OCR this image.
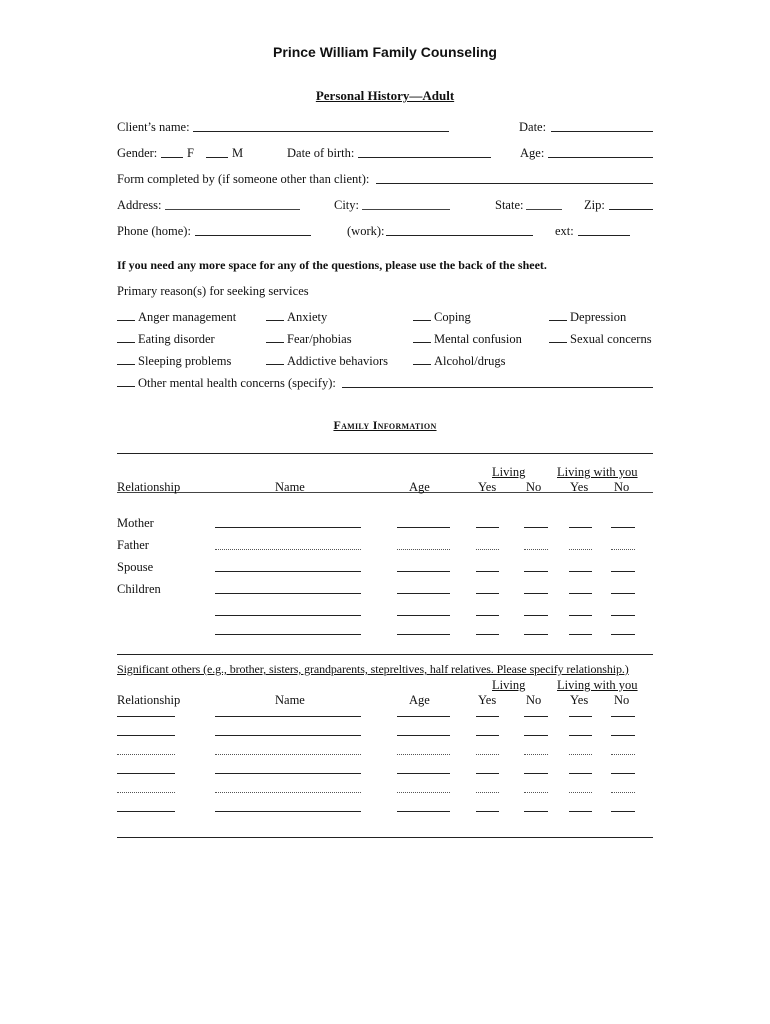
Prince William Family Counseling
Personal History—Adult
Client’s name:	Date:
Gender: F	M	Date of birth:	Age:
Form completed by (if someone other than client):
Address:	City:	State:	Zip:
Phone (home):	(work):	ext:
If you need any more space for any of the questions, please use the back of the sheet.
Primary reason(s) for seeking services
Anger management	Anxiety	Coping	Depression
Eating disorder	Fear/phobias	Mental confusion	Sexual concerns
Sleeping problems	Addictive behaviors	Alcohol/drugs
Other mental health concerns (specify):
Family Information
Living	Living with you
Relationship	Name	Age	Yes No Yes No
Mother
Father
Spouse
Children
Significant others (e.g., brother, sisters, grandparents, stepreltives, half relatives. Please specify relationship.)
Living	Living with you
Relationship	Name	Age	Yes No Yes No
